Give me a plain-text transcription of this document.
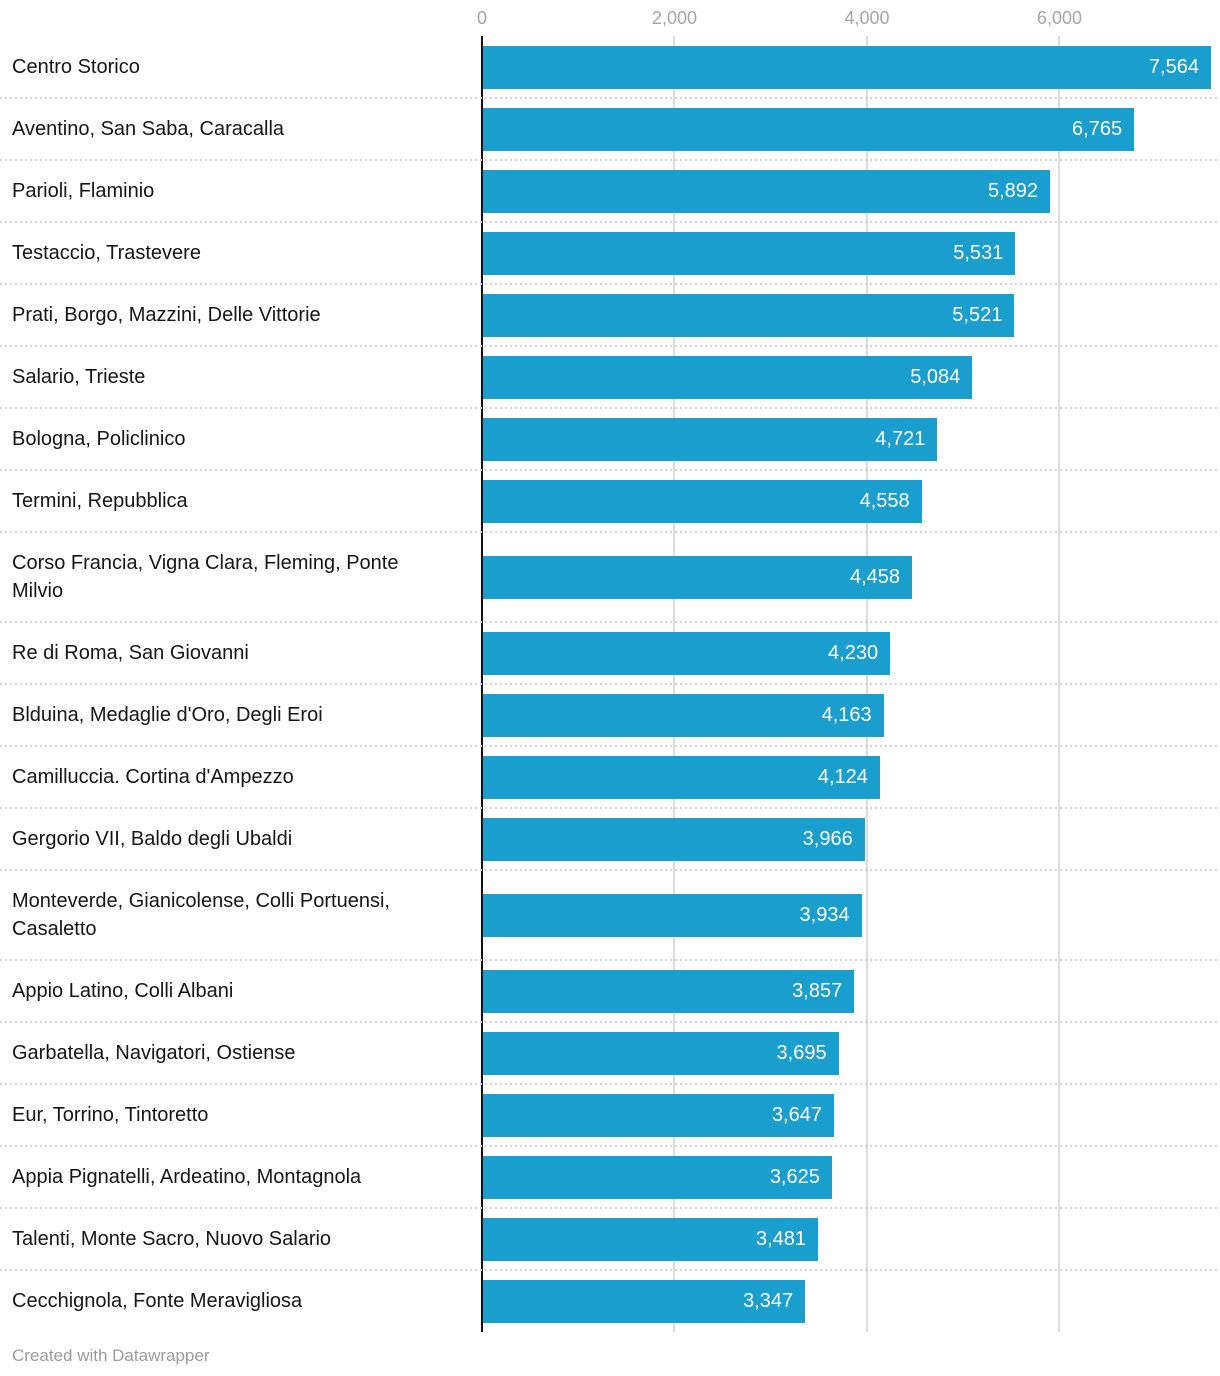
0	2,000	4,000	6,000
Centro Storico	7,564
Aventino, San Saba, Caracalla	6,765
Parioli, Flaminio	5,892
Testaccio, Trastevere	5,531
Prati, Borgo, Mazzini, Delle Vittorie	5,521
Salario, Trieste	5,084
Bologna, Policlinico	4,721
Termini, Repubblica	4,558
Corso Francia, Vigna Clara, Fleming, Ponte Milvio
4,458
Re di Roma, San Giovanni	4,230
Blduina, Medaglie d'Oro, Degli Eroi	4,163
Camilluccia. Cortina d'Ampezzo	4,124
Gergorio VII, Baldo degli Ubaldi	3,966
Monteverde, Gianicolense, Colli Portuensi, Casaletto
3,934
Appio Latino, Colli Albani	3,857
Garbatella, Navigatori, Ostiense	3,695
Eur, Torrino, Tintoretto	3,647
Appia Pignatelli, Ardeatino, Montagnola	3,625
Talenti, Monte Sacro, Nuovo Salario	3,481
Cecchignola, Fonte Meravigliosa	3,347
Created with Datawrapper
